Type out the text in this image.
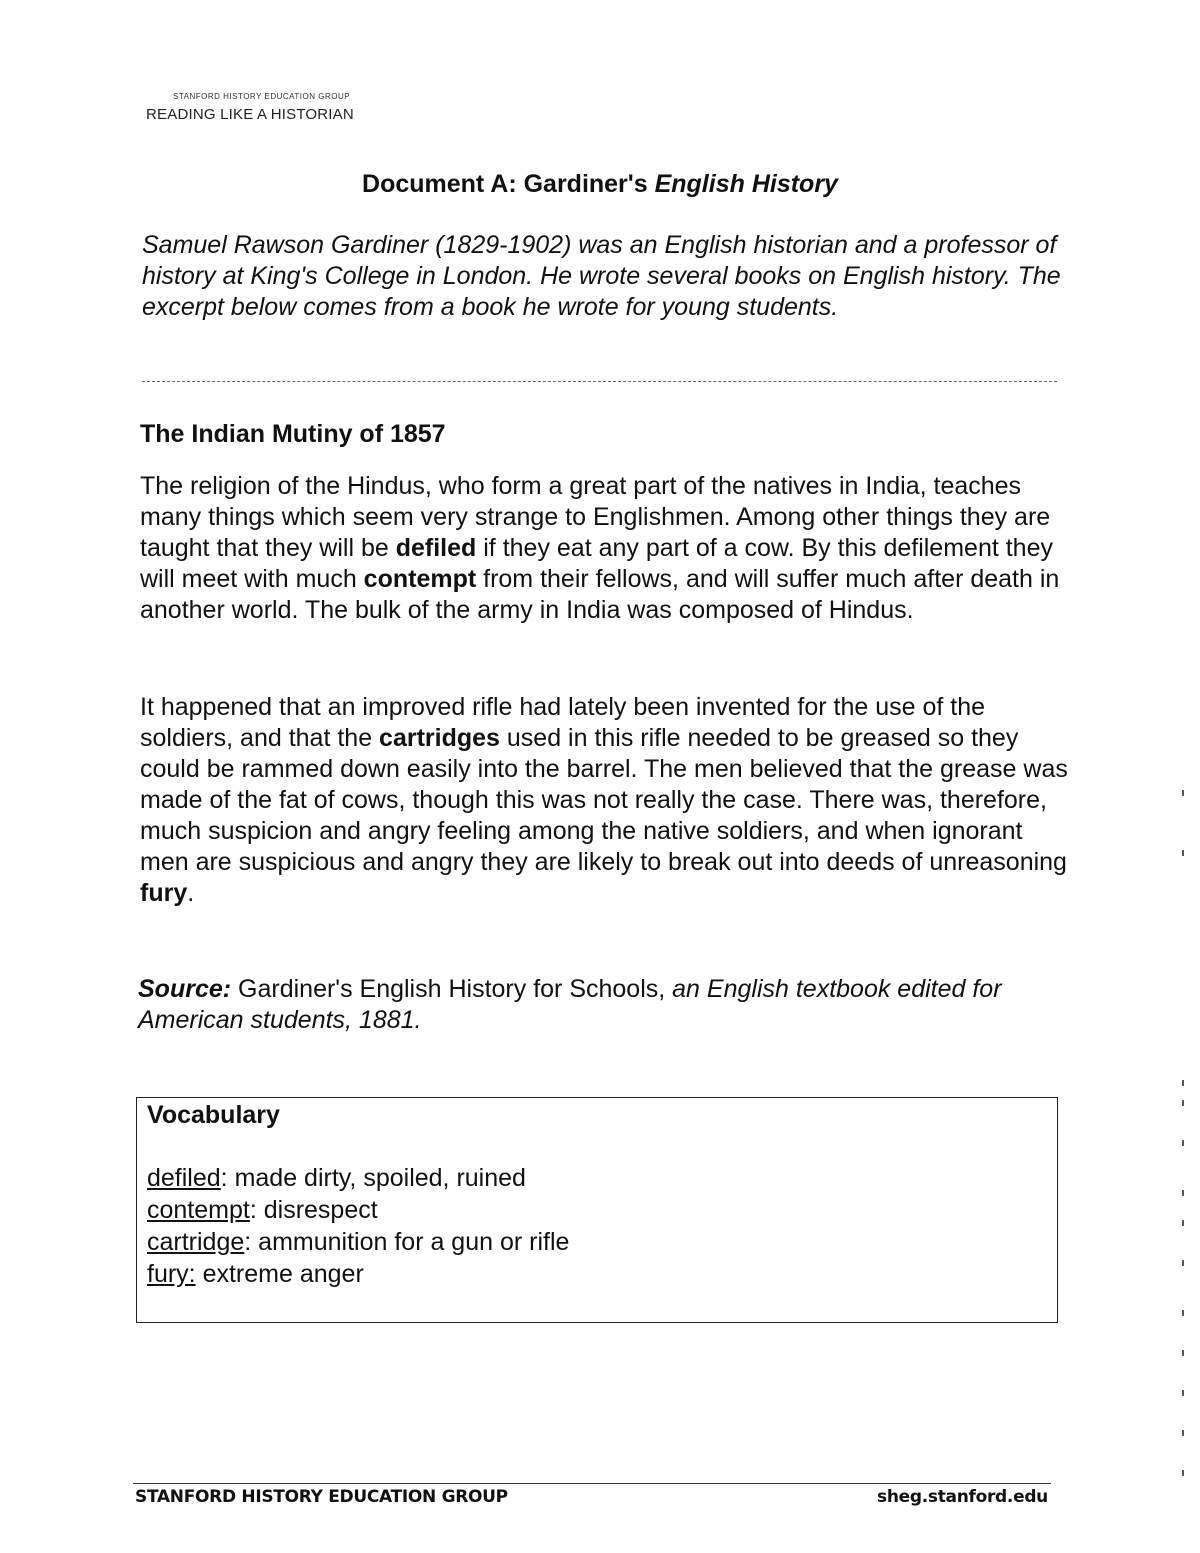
STANFORD HISTORY EDUCATION GROUP
READING LIKE A HISTORIAN
Document A: Gardiner's English History
Samuel Rawson Gardiner (1829-1902) was an English historian and a professor of history at King's College in London. He wrote several books on English history. The excerpt below comes from a book he wrote for young students.
The Indian Mutiny of 1857
The religion of the Hindus, who form a great part of the natives in India, teaches many things which seem very strange to Englishmen. Among other things they are taught that they will be defiled if they eat any part of a cow. By this defilement they will meet with much contempt from their fellows, and will suffer much after death in another world. The bulk of the army in India was composed of Hindus.
It happened that an improved rifle had lately been invented for the use of the soldiers, and that the cartridges used in this rifle needed to be greased so they could be rammed down easily into the barrel. The men believed that the grease was made of the fat of cows, though this was not really the case. There was, therefore, much suspicion and angry feeling among the native soldiers, and when ignorant men are suspicious and angry they are likely to break out into deeds of unreasoning fury.
Source: Gardiner's English History for Schools, an English textbook edited for American students, 1881.
Vocabulary
defiled: made dirty, spoiled, ruined
contempt: disrespect
cartridge: ammunition for a gun or rifle
fury: extreme anger
STANFORD HISTORY EDUCATION GROUP	sheg.stanford.edu
